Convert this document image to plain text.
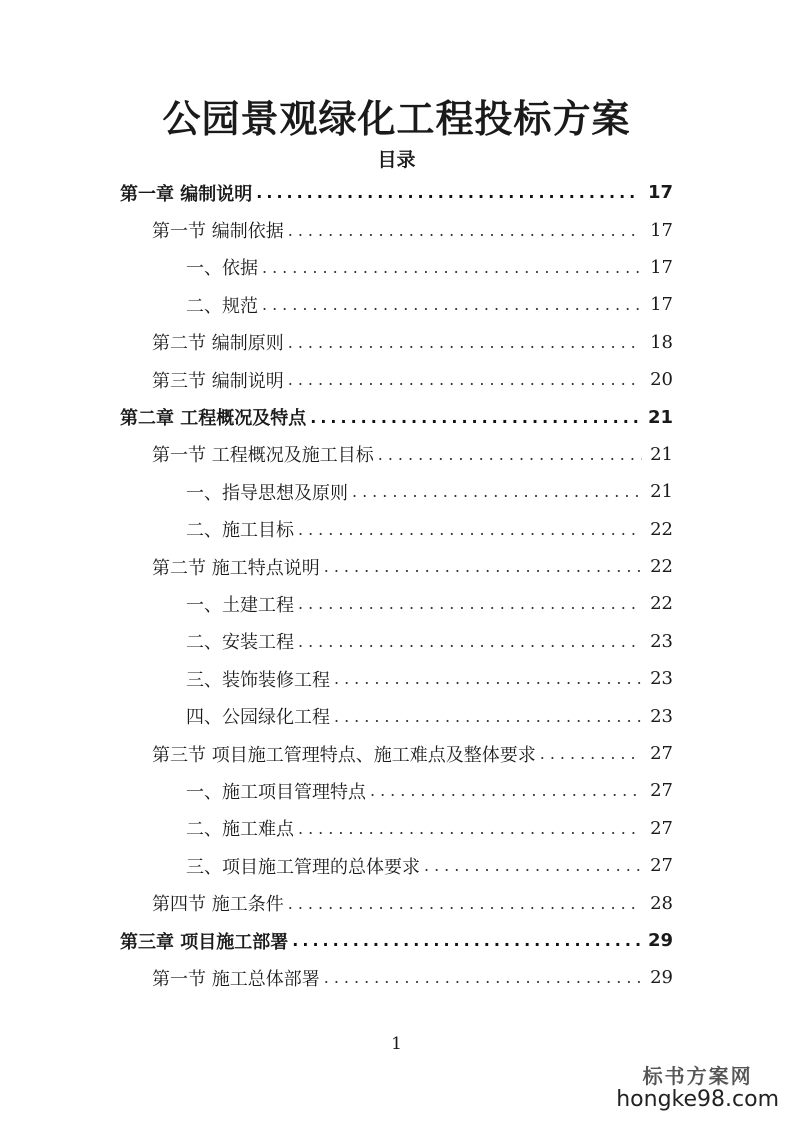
公园景观绿化工程投标方案
目录
第一章 编制说明 .....	17
第一节 编制依据 .....	17
一、依据 .....	17
二、规范 .....	17
第二节 编制原则 .....	18
第三节 编制说明 .....	20
第二章 工程概况及特点 .....	21
第一节 工程概况及施工目标 .....	21
一、指导思想及原则 .....	21
二、施工目标 .....	22
第二节 施工特点说明 .....	22
一、土建工程 .....	22
二、安装工程 .....	23
三、装饰装修工程 .....	23
四、公园绿化工程 .....	23
第三节 项目施工管理特点、施工难点及整体要求 .....	27
一、施工项目管理特点 .....	27
二、施工难点 .....	27
三、项目施工管理的总体要求 .....	27
第四节 施工条件 .....	28
第三章 项目施工部署 .....	29
第一节 施工总体部署 .....	29
1
标书方案网
hongke98.com
